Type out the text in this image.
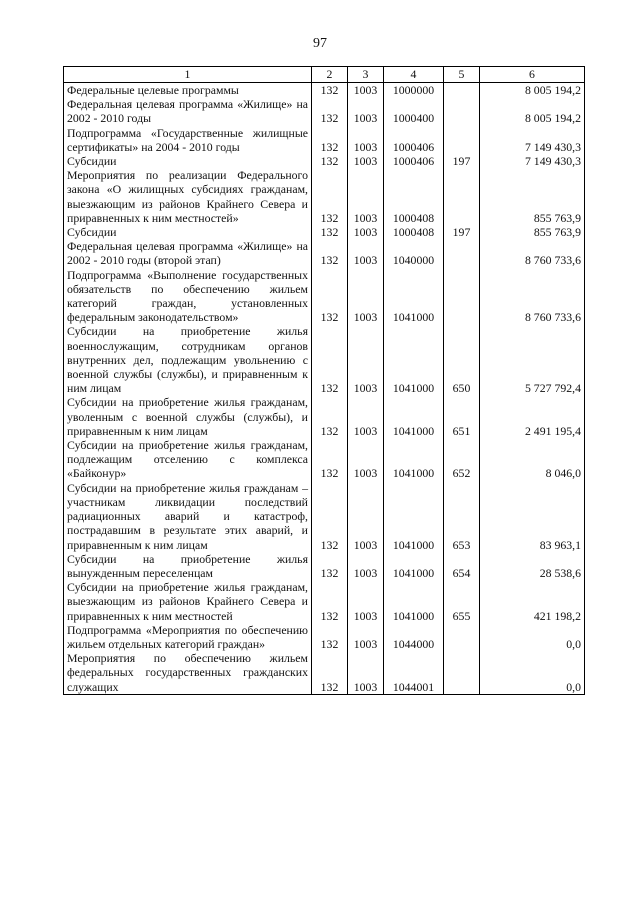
97
1	2	3	4	5	6
Федеральные целевые программы	132	1003	1000000		8 005 194,2
Федеральная целевая программа «Жилище» на 2002 - 2010 годы	132	1003	1000400		8 005 194,2
Подпрограмма «Государственные жилищные сертификаты» на 2004 - 2010 годы	132	1003	1000406		7 149 430,3
Субсидии	132	1003	1000406	197	7 149 430,3
Мероприятия по реализации Федерального закона «О жилищных субсидиях гражданам, выезжающим из районов Крайнего Севера и приравненных к ним местностей»	132	1003	1000408		855 763,9
Субсидии	132	1003	1000408	197	855 763,9
Федеральная целевая программа «Жилище» на 2002 - 2010 годы (второй этап)	132	1003	1040000		8 760 733,6
Подпрограмма «Выполнение государственных обязательств по обеспечению жильем категорий граждан, установленных федеральным законодательством»	132	1003	1041000		8 760 733,6
Субсидии на приобретение жилья военнослужащим, сотрудникам органов внутренних дел, подлежащим увольнению с военной службы (службы), и приравненным к ним лицам	132	1003	1041000	650	5 727 792,4
Субсидии на приобретение жилья гражданам, уволенным с военной службы (службы), и приравненным к ним лицам	132	1003	1041000	651	2 491 195,4
Субсидии на приобретение жилья гражданам, подлежащим отселению с комплекса «Байконур»	132	1003	1041000	652	8 046,0
Субсидии на приобретение жилья гражданам – участникам ликвидации последствий радиационных аварий и катастроф, пострадавшим в результате этих аварий, и приравненным к ним лицам	132	1003	1041000	653	83 963,1
Субсидии на приобретение жилья вынужденным переселенцам	132	1003	1041000	654	28 538,6
Субсидии на приобретение жилья гражданам, выезжающим из районов Крайнего Севера и приравненных к ним местностей	132	1003	1041000	655	421 198,2
Подпрограмма «Мероприятия по обеспечению жильем отдельных категорий граждан»	132	1003	1044000		0,0
Мероприятия по обеспечению жильем федеральных государственных гражданских служащих	132	1003	1044001		0,0
